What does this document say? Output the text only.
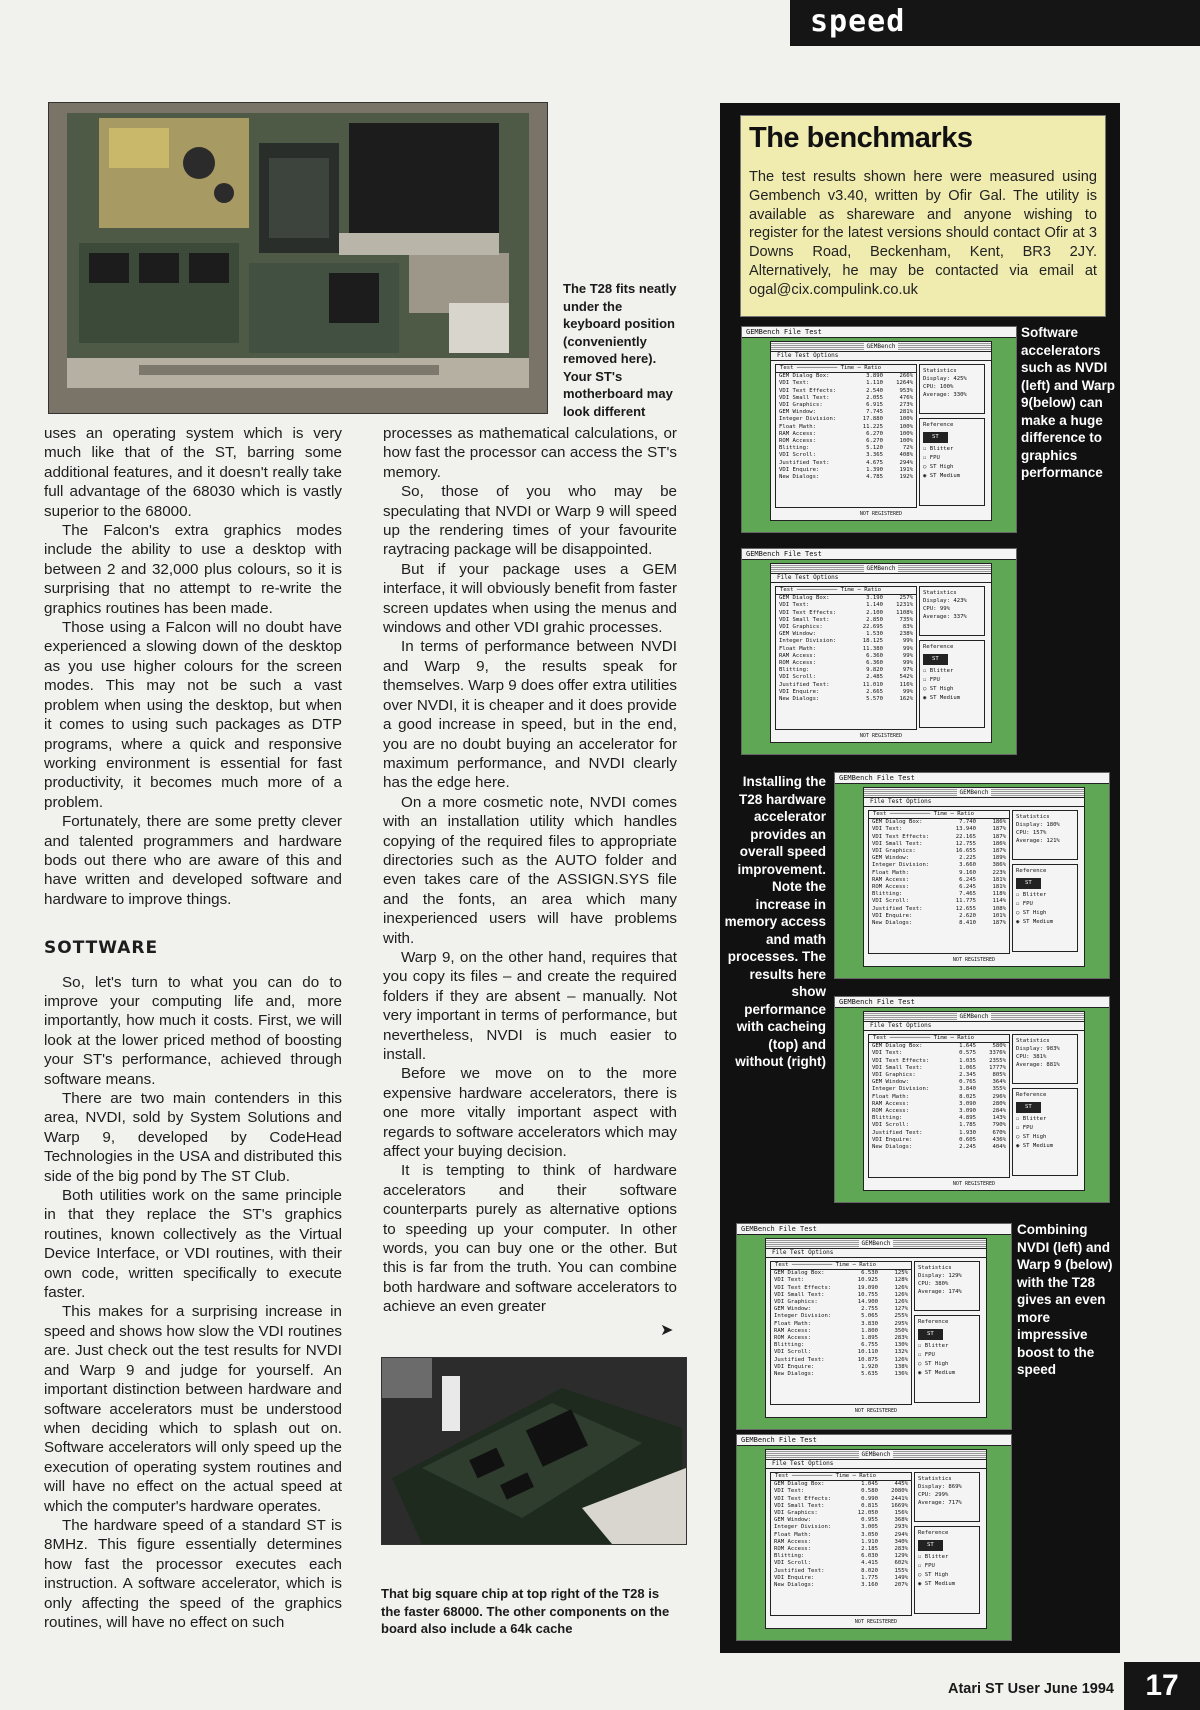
speed
The T28 fits neatly under the keyboard position (conveniently removed here). Your ST's motherboard may look different

uses an operating system which is very much like that of the ST, barring some additional features, and it doesn't really take full advantage of the 68030 which is vastly superior to the 68000.

The Falcon's extra graphics modes include the ability to use a desktop with between 2 and 32,000 plus colours, so it is surprising that no attempt to re-write the graphics routines has been made.

Those using a Falcon will no doubt have experienced a slowing down of the desktop as you use higher colours for the screen modes. This may not be such a vast problem when using the desktop, but when it comes to using such packages as DTP programs, where a quick and responsive working environment is essential for fast productivity, it becomes much more of a problem.

Fortunately, there are some pretty clever and talented programmers and hardware bods out there who are aware of this and have written and developed software and hardware to improve things.

SOTTWARE

So, let's turn to what you can do to improve your computing life and, more importantly, how much it costs. First, we will look at the lower priced method of boosting your ST's performance, achieved through software means.

There are two main contenders in this area, NVDI, sold by System Solutions and Warp 9, developed by CodeHead Technologies in the USA and distributed this side of the big pond by The ST Club.

Both utilities work on the same principle in that they replace the ST's graphics routines, known collectively as the Virtual Device Interface, or VDI routines, with their own code, written specifically to execute faster.

This makes for a surprising increase in speed and shows how slow the VDI routines are. Just check out the test results for NVDI and Warp 9 and judge for yourself. An important distinction between hardware and software accelerators must be understood when deciding which to splash out on. Software accelerators will only speed up the execution of operating system routines and will have no effect on the actual speed at which the computer's hardware operates.

The hardware speed of a standard ST is 8MHz. This figure essentially determines how fast the processor executes each instruction. A software accelerator, which is only affecting the speed of the graphics routines, will have no effect on such

processes as mathematical calculations, or how fast the processor can access the ST's memory.

So, those of you who may be speculating that NVDI or Warp 9 will speed up the rendering times of your favourite raytracing package will be disappointed.

But if your package uses a GEM interface, it will obviously benefit from faster screen updates when using the menus and windows and other VDI grahic processes.

In terms of performance between NVDI and Warp 9, the results speak for themselves. Warp 9 does offer extra utilities over NVDI, it is cheaper and it does provide a good increase in speed, but in the end, you are no doubt buying an accelerator for maximum performance, and NVDI clearly has the edge here.

On a more cosmetic note, NVDI comes with an installation utility which handles copying of the required files to appropriate directories such as the AUTO folder and even takes care of the ASSIGN.SYS file and the fonts, an area which many inexperienced users will have problems with.

Warp 9, on the other hand, requires that you copy its files – and create the required folders if they are absent – manually. Not very important in terms of performance, but nevertheless, NVDI is much easier to install.

Before we move on to the more expensive hardware accelerators, there is one more vitally important aspect with regards to software accelerators which may affect your buying decision.

It is tempting to think of hardware accelerators and their software counterparts purely as alternative options to speeding up your computer. In other words, you can buy one or the other. But this is far from the truth. You can combine both hardware and software accelerators to achieve an even greater

➤
That big square chip at top right of the T28 is the faster 68000. The other components on the board also include a 64k cache
The benchmarks
The test results shown here were measured using Gembench v3.40, written by Ofir Gal. The utility is available as shareware and anyone wishing to register for the latest versions should contact Ofir at 3 Downs Road, Beckenham, Kent, BR3 2JY. Alternatively, he may be contacted via email at ogal@cix.compulink.co.uk
Software accelerators such as NVDI (left) and Warp 9(below) can make a huge difference to graphics performance
Installing the T28 hardware accelerator provides an overall speed improvement. Note the increase in memory access and math processes. The results here show performance with cacheing (top) and without (right)
Combining NVDI (left) and Warp 9 (below) with the T28 gives an even more impressive boost to the speed
GEMBench File Test
GEMBench
File Test Options
Test ──────────── Time ─ Ratio
GEM Dialog Box:	3.890	266%
VDI Text:	1.110	1264%
VDI Text Effects:	2.540	953%
VDI Small Text:	2.055	476%
VDI Graphics:	6.915	273%
GEM Window:	7.745	281%
Integer Division:	17.880	100%
Float Math:	11.225	100%
RAM Access:	6.270	100%
ROM Access:	6.270	100%
Blitting:	5.120	72%
VDI Scroll:	3.365	408%
Justified Text:	4.675	294%
VDI Enquire:	1.390	191%
New Dialogs:	4.785	192%
Statistics
Display: 425%
CPU: 100%
Average: 330%
Reference
ST
☐ Blitter
☐ FPU
○ ST High
◉ ST Medium
NOT REGISTERED
GEMBench File Test
GEMBench
File Test Options
Test ──────────── Time ─ Ratio
GEM Dialog Box:	3.190	257%
VDI Text:	1.140	1231%
VDI Text Effects:	2.100	1108%
VDI Small Text:	2.850	735%
VDI Graphics:	22.695	83%
GEM Window:	1.530	238%
Integer Division:	18.125	99%
Float Math:	11.380	99%
RAM Access:	6.360	99%
ROM Access:	6.360	99%
Blitting:	9.820	97%
VDI Scroll:	2.485	542%
Justified Text:	11.010	116%
VDI Enquire:	2.665	99%
New Dialogs:	5.570	162%
Statistics
Display: 423%
CPU: 99%
Average: 337%
Reference
ST
☐ Blitter
☐ FPU
○ ST High
◉ ST Medium
NOT REGISTERED
GEMBench File Test
GEMBench
File Test Options
Test ──────────── Time ─ Ratio
GEM Dialog Box:	7.740	186%
VDI Text:	13.940	187%
VDI Text Effects:	22.165	187%
VDI Small Text:	12.755	186%
VDI Graphics:	16.655	187%
GEM Window:	2.225	189%
Integer Division:	3.660	386%
Float Math:	9.160	223%
RAM Access:	6.245	181%
ROM Access:	6.245	181%
Blitting:	7.465	118%
VDI Scroll:	11.775	114%
Justified Text:	12.655	108%
VDI Enquire:	2.620	101%
New Dialogs:	8.410	187%
Statistics
Display: 180%
CPU: 157%
Average: 121%
Reference
ST
☐ Blitter
☐ FPU
○ ST High
◉ ST Medium
NOT REGISTERED
GEMBench File Test
GEMBench
File Test Options
Test ──────────── Time ─ Ratio
GEM Dialog Box:	1.645	580%
VDI Text:	0.575	3376%
VDI Text Effects:	1.035	2355%
VDI Small Text:	1.065	1777%
VDI Graphics:	2.345	805%
GEM Window:	0.765	364%
Integer Division:	3.840	355%
Float Math:	8.025	296%
RAM Access:	3.090	280%
ROM Access:	3.090	284%
Blitting:	4.895	143%
VDI Scroll:	1.785	790%
Justified Text:	1.930	670%
VDI Enquire:	0.605	436%
New Dialogs:	2.245	404%
Statistics
Display: 983%
CPU: 381%
Average: 881%
Reference
ST
☐ Blitter
☐ FPU
○ ST High
◉ ST Medium
NOT REGISTERED
GEMBench File Test
GEMBench
File Test Options
Test ──────────── Time ─ Ratio
GEM Dialog Box:	6.530	125%
VDI Text:	10.925	128%
VDI Text Effects:	19.090	126%
VDI Small Text:	10.755	126%
VDI Graphics:	14.900	126%
GEM Window:	2.755	127%
Integer Division:	5.065	255%
Float Math:	3.830	295%
RAM Access:	1.800	350%
ROM Access:	1.895	283%
Blitting:	6.755	130%
VDI Scroll:	10.110	132%
Justified Text:	10.875	126%
VDI Enquire:	1.920	138%
New Dialogs:	5.635	136%
Statistics
Display: 129%
CPU: 380%
Average: 174%
Reference
ST
☐ Blitter
☐ FPU
○ ST High
◉ ST Medium
NOT REGISTERED
GEMBench File Test
GEMBench
File Test Options
Test ──────────── Time ─ Ratio
GEM Dialog Box:	1.045	445%
VDI Text:	0.580	2080%
VDI Text Effects:	0.990	2441%
VDI Small Text:	0.815	1669%
VDI Graphics:	12.050	156%
GEM Window:	0.955	368%
Integer Division:	3.005	293%
Float Math:	3.050	294%
RAM Access:	1.910	340%
ROM Access:	2.185	283%
Blitting:	6.030	129%
VDI Scroll:	4.415	602%
Justified Text:	8.020	155%
VDI Enquire:	1.775	149%
New Dialogs:	3.160	207%
Statistics
Display: 869%
CPU: 299%
Average: 717%
Reference
ST
☐ Blitter
☐ FPU
○ ST High
◉ ST Medium
NOT REGISTERED
Atari ST User June 1994	17
